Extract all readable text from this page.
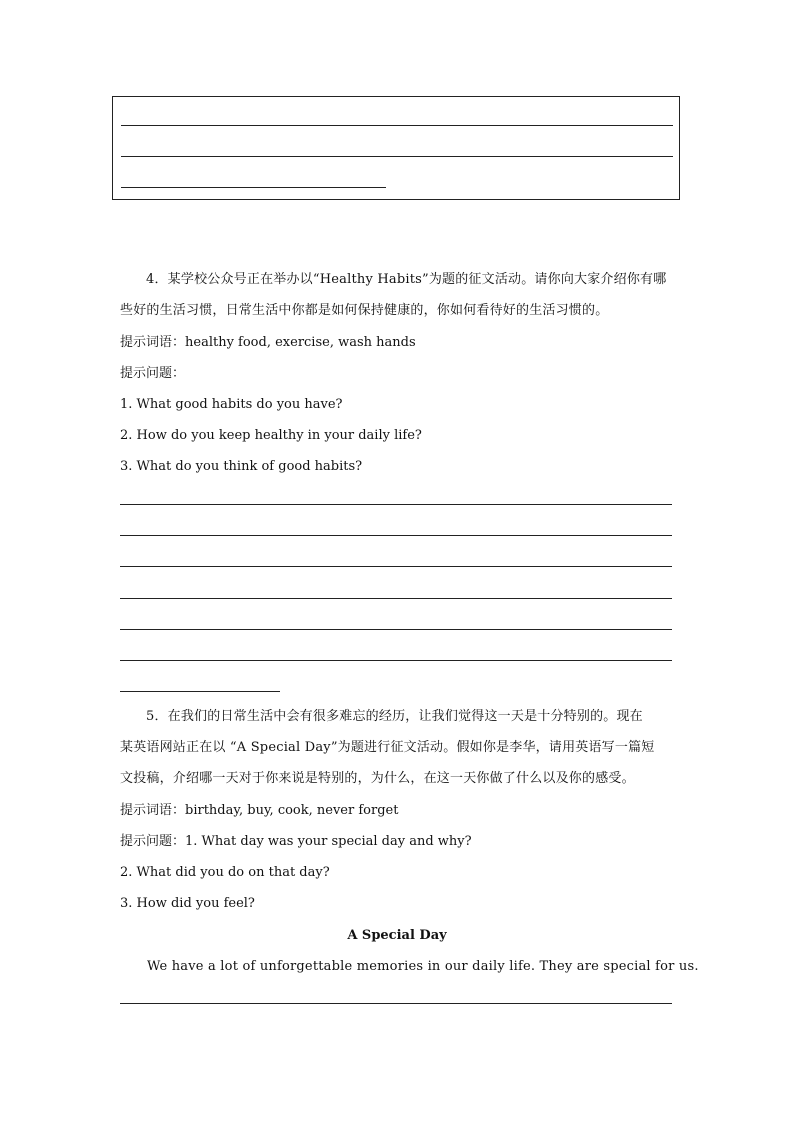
4．某学校公众号正在举办以“Healthy Habits”为题的征文活动。请你向大家介绍你有哪
些好的生活习惯，日常生活中你都是如何保持健康的，你如何看待好的生活习惯的。
提示词语：healthy food, exercise, wash hands
提示问题：
1. What good habits do you have?
2. How do you keep healthy in your daily life?
3. What do you think of good habits?
5．在我们的日常生活中会有很多难忘的经历，让我们觉得这一天是十分特别的。现在
某英语网站正在以 “A Special Day”为题进行征文活动。假如你是李华，请用英语写一篇短
文投稿，介绍哪一天对于你来说是特别的，为什么，在这一天你做了什么以及你的感受。
提示词语：birthday, buy, cook, never forget
提示问题：1. What day was your special day and why?
2. What did you do on that day?
3. How did you feel?
A Special Day
We have a lot of unforgettable memories in our daily life. They are special for us.
